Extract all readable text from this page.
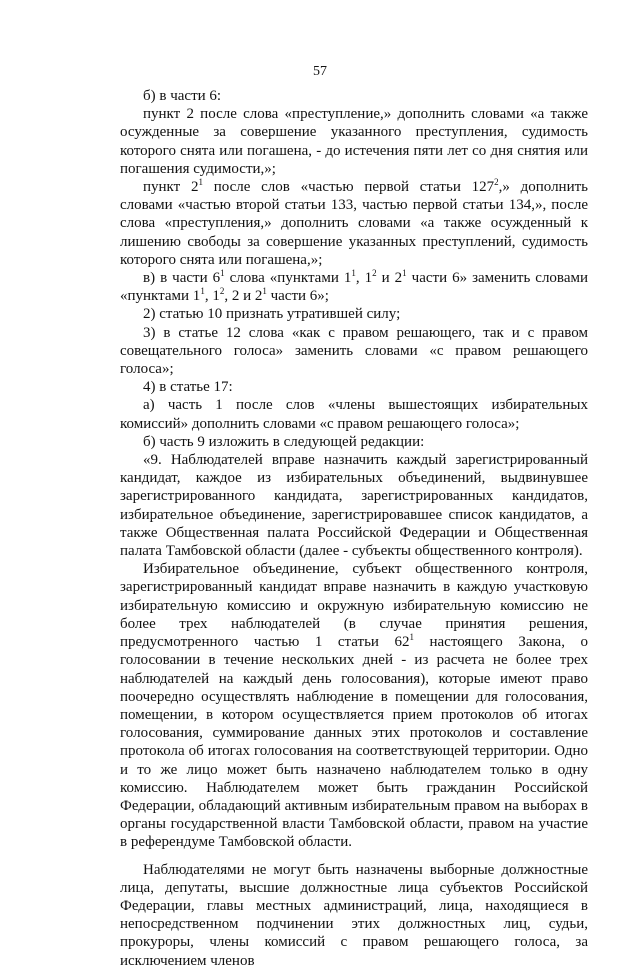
57

б) в части 6:

пункт 2 после слова «преступление,» дополнить словами «а также осужденные за совершение указанного преступления, судимость которого снята или погашена, - до истечения пяти лет со дня снятия или погашения судимости,»;

пункт $2^1$ после слов «частью первой статьи $127^2$,» дополнить словами «частью второй статьи 133, частью первой статьи 134,», после слова «преступления,» дополнить словами «а также осужденный к лишению свободы за совершение указанных преступлений, судимость которого снята или погашена,»;

в) в части $6^1$ слова «пунктами $1^1$, $1^2$ и $2^1$ части 6» заменить словами «пунктами $1^1$, $1^2$, 2 и $2^1$ части 6»;

2) статью 10 признать утратившей силу;

3) в статье 12 слова «как с правом решающего, так и с правом совещательного голоса» заменить словами «с правом решающего голоса»;

4) в статье 17:

а) часть 1 после слов «члены вышестоящих избирательных комиссий» дополнить словами «с правом решающего голоса»;

б) часть 9 изложить в следующей редакции:

«9. Наблюдателей вправе назначить каждый зарегистрированный кандидат, каждое из избирательных объединений, выдвинувшее зарегистрированного кандидата, зарегистрированных кандидатов, избирательное объединение, зарегистрировавшее список кандидатов, а также Общественная палата Российской Федерации и Общественная палата Тамбовской области (далее - субъекты общественного контроля).

Избирательное объединение, субъект общественного контроля, зарегистрированный кандидат вправе назначить в каждую участковую избирательную комиссию и окружную избирательную комиссию не более трех наблюдателей (в случае принятия решения, предусмотренного частью 1 статьи $62^1$ настоящего Закона, о голосовании в течение нескольких дней - из расчета не более трех наблюдателей на каждый день голосования), которые имеют право поочередно осуществлять наблюдение в помещении для голосования, помещении, в котором осуществляется прием протоколов об итогах голосования, суммирование данных этих протоколов и составление протокола об итогах голосования на соответствующей территории. Одно и то же лицо может быть назначено наблюдателем только в одну комиссию. Наблюдателем может быть гражданин Российской Федерации, обладающий активным избирательным правом на выборах в органы государственной власти Тамбовской области, правом на участие в референдуме Тамбовской области.

Наблюдателями не могут быть назначены выборные должностные лица, депутаты, высшие должностные лица субъектов Российской Федерации, главы местных администраций, лица, находящиеся в непосредственном подчинении этих должностных лиц, судьи, прокуроры, члены комиссий с правом решающего голоса, за исключением членов
